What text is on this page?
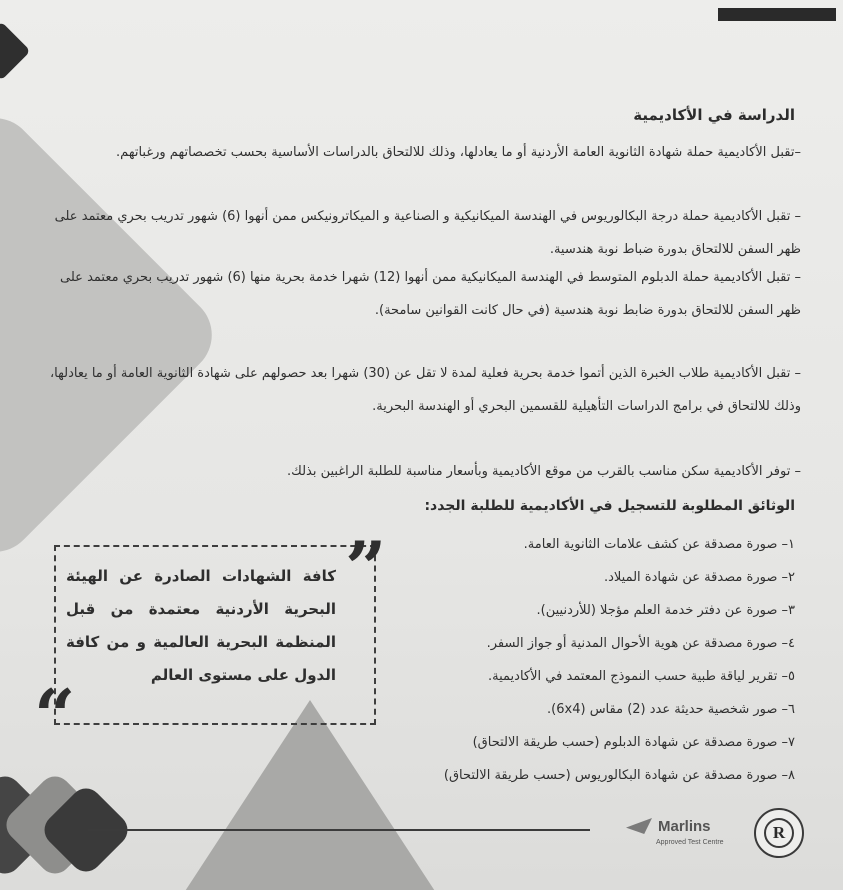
الدراسة في الأكاديمية
–تقبل الأكاديمية حملة شهادة الثانوية العامة الأردنية أو ما يعادلها، وذلك للالتحاق بالدراسات الأساسية بحسب تخصصاتهم ورغباتهم.
– تقبل الأكاديمية حملة درجة البكالوريوس في الهندسة الميكانيكية و الصناعية و الميكاترونيكس ممن أنهوا (6) شهور تدريب بحري معتمد على ظهر السفن للالتحاق بدورة ضباط نوبة هندسية.
– تقبل الأكاديمية حملة الدبلوم المتوسط في الهندسة الميكانيكية ممن أنهوا (12) شهرا خدمة بحرية منها (6) شهور تدريب بحري معتمد على ظهر السفن للالتحاق بدورة ضابط نوبة هندسية (في حال كانت القوانين سامحة).
– تقبل الأكاديمية طلاب الخبرة الذين أتموا خدمة بحرية فعلية لمدة لا تقل عن (30) شهرا بعد حصولهم على شهادة الثانوية العامة أو ما يعادلها، وذلك للالتحاق في برامج الدراسات التأهيلية للقسمين البحري أو الهندسة البحرية.
– توفر الأكاديمية سكن مناسب بالقرب من موقع الأكاديمية وبأسعار مناسبة للطلبة الراغبين بذلك.
الوثائق المطلوبة للتسجيل في الأكاديمية للطلبة الجدد:
١– صورة مصدقة عن كشف علامات الثانوية العامة.
٢– صورة مصدقة عن شهادة الميلاد.
٣– صورة عن دفتر خدمة العلم مؤجلا (للأردنيين).
٤– صورة مصدقة عن هوية الأحوال المدنية أو جواز السفر.
٥– تقرير لياقة طبية حسب النموذج المعتمد في الأكاديمية.
٦– صور شخصية حديثة عدد (2) مقاس (6x4).
٧– صورة مصدقة عن شهادة الدبلوم (حسب طريقة الالتحاق)
٨– صورة مصدقة عن شهادة البكالوريوس (حسب طريقة الالتحاق)
كافة الشهادات الصادرة عن الهيئة البحرية الأردنية معتمدة من قبل المنظمة البحرية العالمية و من كافة الدول على مستوى العالم
”
“
Marlins
Approved Test Centre
R
